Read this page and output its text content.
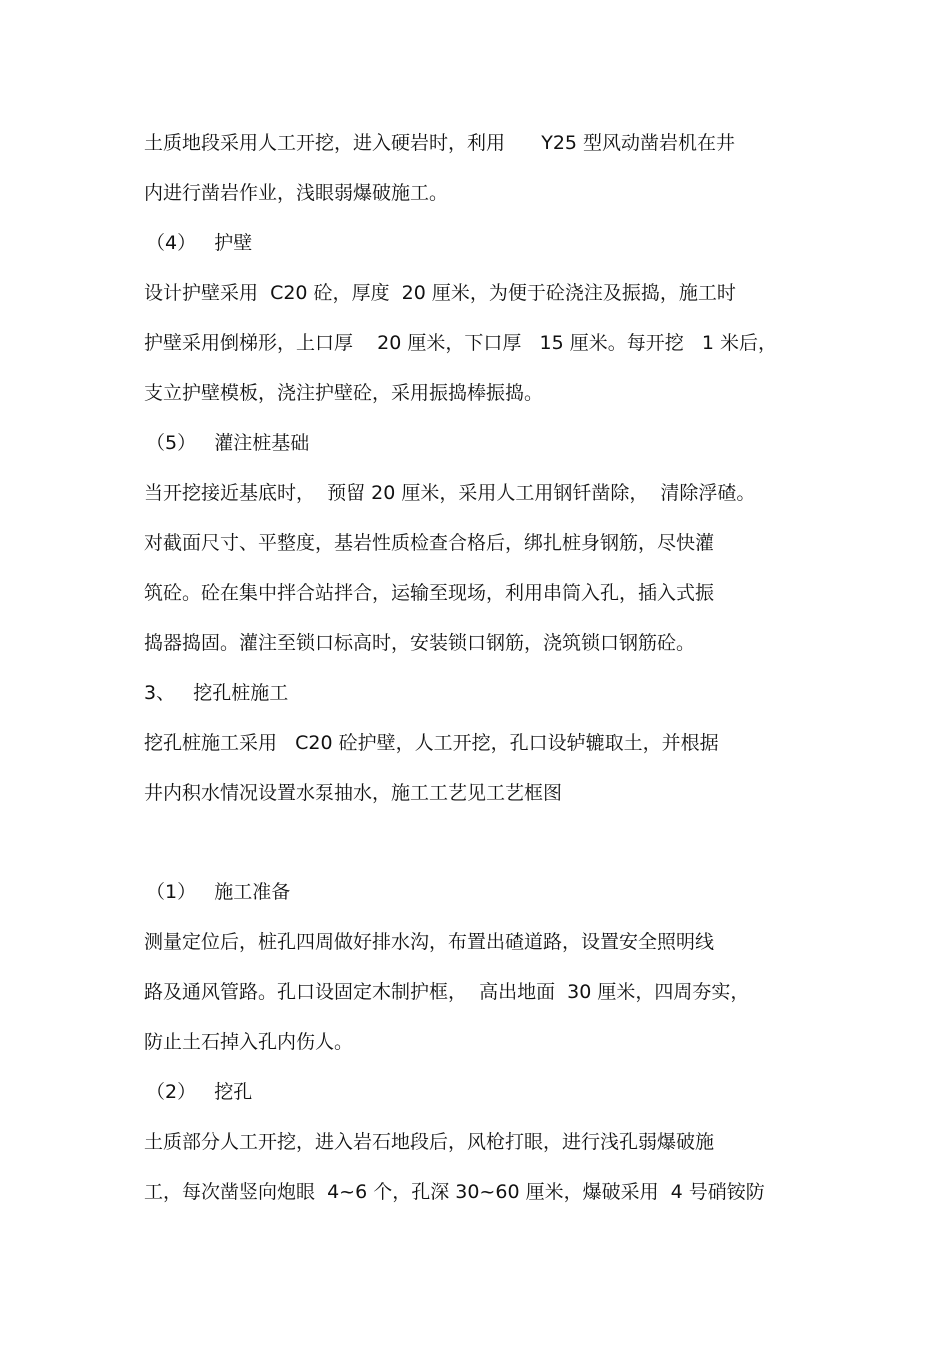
土质地段采用人工开挖，进入硬岩时，利用      Y25 型风动凿岩机在井
内进行凿岩作业，浅眼弱爆破施工。
（4）   护壁
设计护壁采用  C20 砼，厚度  20 厘米，为便于砼浇注及振捣，施工时
护壁采用倒梯形，上口厚    20 厘米，下口厚   15 厘米。每开挖   1 米后，
支立护壁模板，浇注护壁砼，采用振捣棒振捣。
（5）   灌注桩基础
当开挖接近基底时，  预留 20 厘米，采用人工用钢钎凿除，  清除浮碴。
对截面尺寸、平整度，基岩性质检查合格后，绑扎桩身钢筋，尽快灌
筑砼。砼在集中拌合站拌合，运输至现场，利用串筒入孔，插入式振
捣器捣固。灌注至锁口标高时，安装锁口钢筋，浇筑锁口钢筋砼。
3、   挖孔桩施工
挖孔桩施工采用   C20 砼护壁，人工开挖，孔口设轳辘取土，并根据
井内积水情况设置水泵抽水，施工工艺见工艺框图
（1）   施工准备
测量定位后，桩孔四周做好排水沟，布置出碴道路，设置安全照明线
路及通风管路。孔口设固定木制护框，  高出地面  30 厘米，四周夯实，
防止土石掉入孔内伤人。
（2）   挖孔
土质部分人工开挖，进入岩石地段后，风枪打眼，进行浅孔弱爆破施
工，每次凿竖向炮眼  4~6 个，孔深 30~60 厘米，爆破采用  4 号硝铵防
